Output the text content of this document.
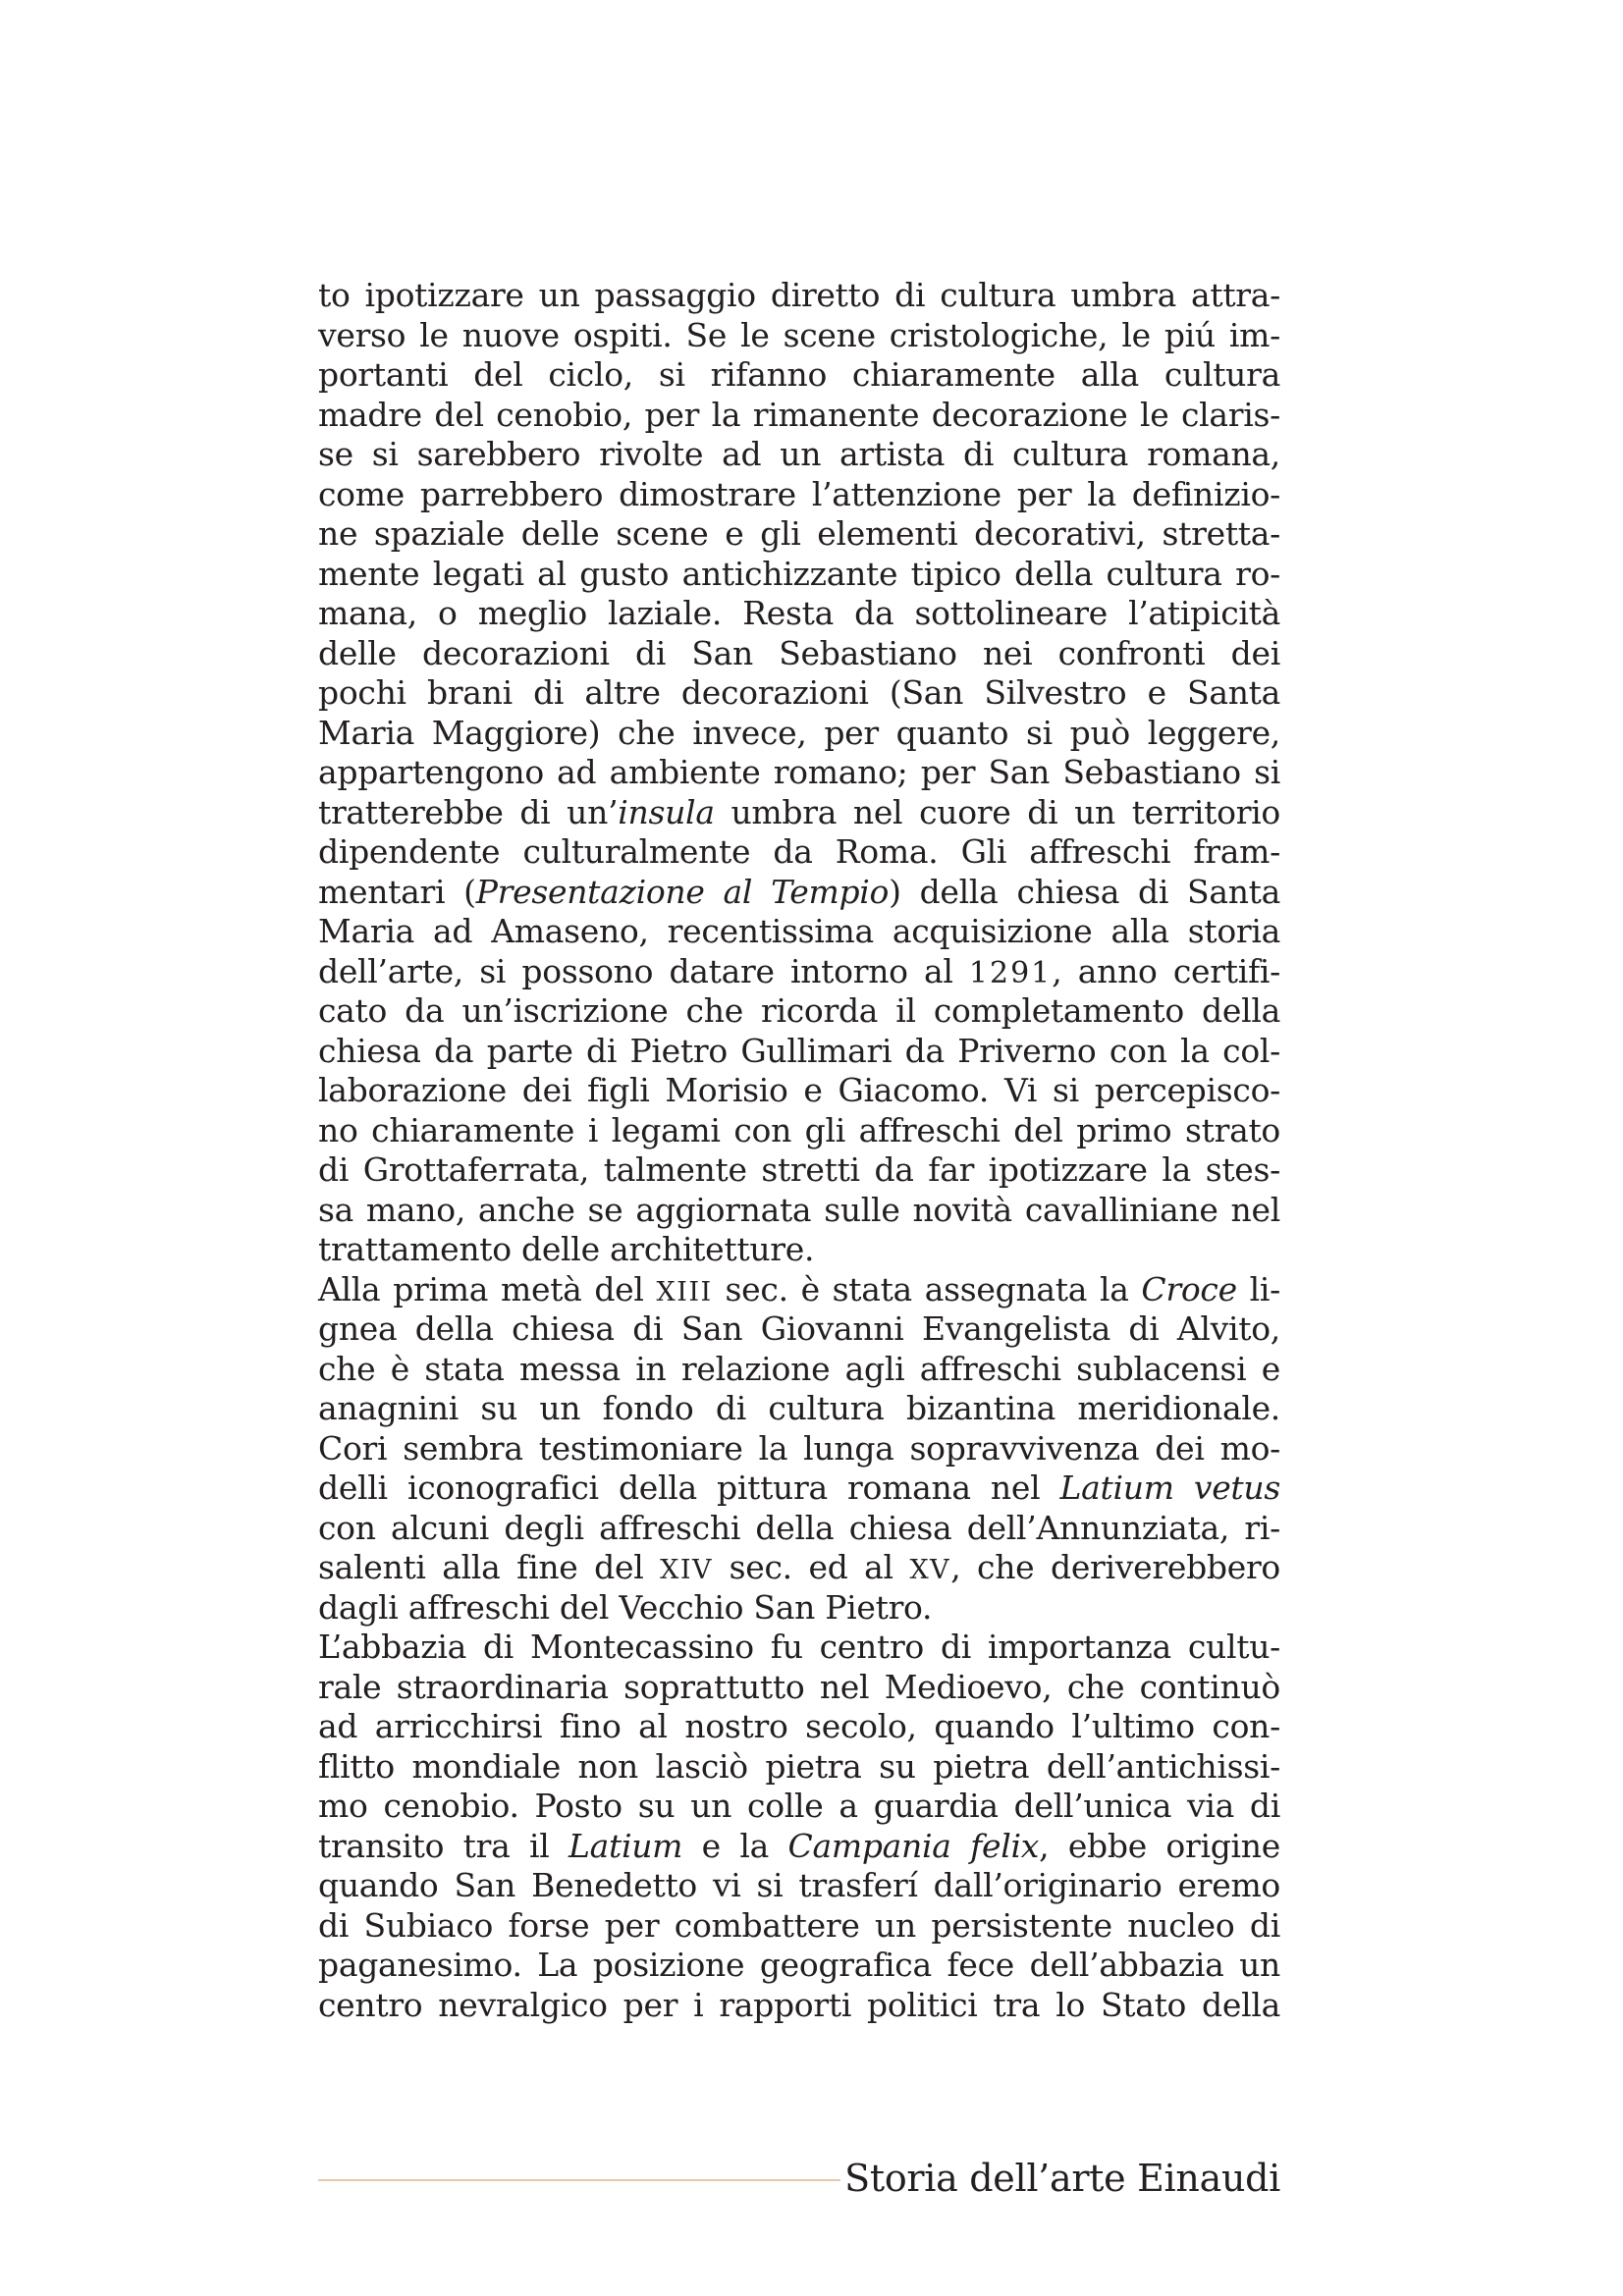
to ipotizzare un passaggio diretto di cultura umbra attra-
verso le nuove ospiti. Se le scene cristologiche, le piú im-
portanti del ciclo, si rifanno chiaramente alla cultura
madre del cenobio, per la rimanente decorazione le claris-
se si sarebbero rivolte ad un artista di cultura romana,
come parrebbero dimostrare l’attenzione per la definizio-
ne spaziale delle scene e gli elementi decorativi, stretta-
mente legati al gusto antichizzante tipico della cultura ro-
mana, o meglio laziale. Resta da sottolineare l’atipicità
delle decorazioni di San Sebastiano nei confronti dei
pochi brani di altre decorazioni (San Silvestro e Santa
Maria Maggiore) che invece, per quanto si può leggere,
appartengono ad ambiente romano; per San Sebastiano si
tratterebbe di un’insula umbra nel cuore di un territorio
dipendente culturalmente da Roma. Gli affreschi fram-
mentari (Presentazione al Tempio) della chiesa di Santa
Maria ad Amaseno, recentissima acquisizione alla storia
dell’arte, si possono datare intorno al 1291, anno certifi-
cato da un’iscrizione che ricorda il completamento della
chiesa da parte di Pietro Gullimari da Priverno con la col-
laborazione dei figli Morisio e Giacomo. Vi si percepisco-
no chiaramente i legami con gli affreschi del primo strato
di Grottaferrata, talmente stretti da far ipotizzare la stes-
sa mano, anche se aggiornata sulle novità cavalliniane nel
trattamento delle architetture.
Alla prima metà del XIII sec. è stata assegnata la Croce li-
gnea della chiesa di San Giovanni Evangelista di Alvito,
che è stata messa in relazione agli affreschi sublacensi e
anagnini su un fondo di cultura bizantina meridionale.
Cori sembra testimoniare la lunga sopravvivenza dei mo-
delli iconografici della pittura romana nel Latium vetus
con alcuni degli affreschi della chiesa dell’Annunziata, ri-
salenti alla fine del XIV sec. ed al XV, che deriverebbero
dagli affreschi del Vecchio San Pietro.
L’abbazia di Montecassino fu centro di importanza cultu-
rale straordinaria soprattutto nel Medioevo, che continuò
ad arricchirsi fino al nostro secolo, quando l’ultimo con-
flitto mondiale non lasciò pietra su pietra dell’antichissi-
mo cenobio. Posto su un colle a guardia dell’unica via di
transito tra il Latium e la Campania felix, ebbe origine
quando San Benedetto vi si trasferí dall’originario eremo
di Subiaco forse per combattere un persistente nucleo di
paganesimo. La posizione geografica fece dell’abbazia un
centro nevralgico per i rapporti politici tra lo Stato della
Storia dell’arte Einaudi
